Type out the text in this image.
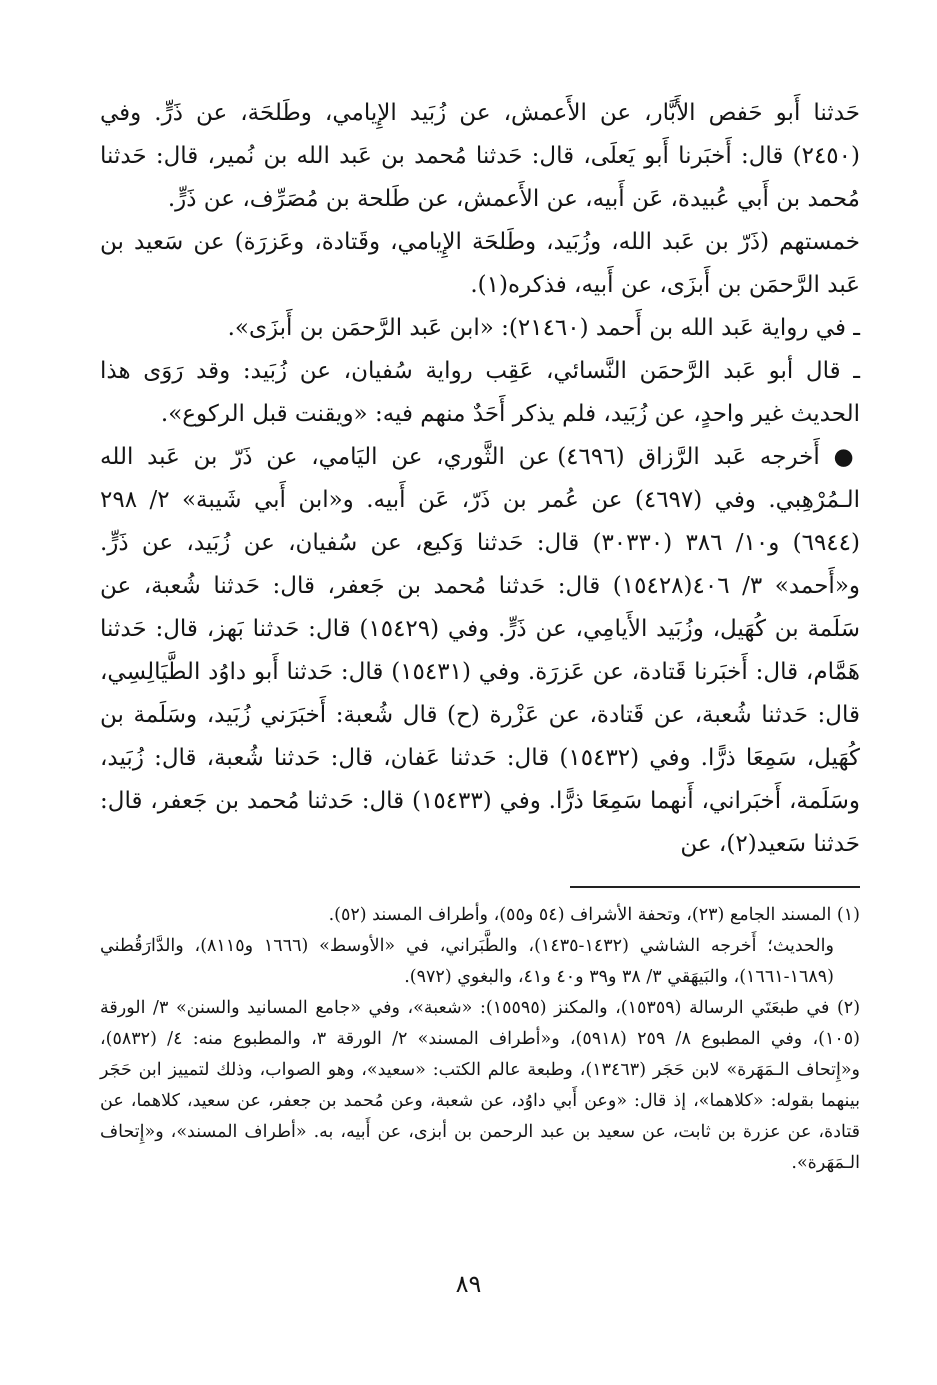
حَدثنا أَبو حَفص الأَبَّار، عن الأَعمش، عن زُبَيد الإِيامي، وطَلحَة، عن ذَرٍّ. وفي (٢٤٥٠) قال: أَخبَرنا أَبو يَعلَى، قال: حَدثنا مُحمد بن عَبد الله بن نُمير، قال: حَدثنا مُحمد بن أَبي عُبيدة، عَن أَبيه، عن الأَعمش، عن طَلحة بن مُصَرِّف، عن ذَرٍّ.

خمستهم (ذَرّ بن عَبد الله، وزُبَيد، وطَلحَة الإِيامي، وقَتادة، وعَزرَة) عن سَعيد بن عَبد الرَّحمَن بن أَبزَى، عن أَبيه، فذكره(١).

ـ في رواية عَبد الله بن أَحمد (٢١٤٦٠): «ابن عَبد الرَّحمَن بن أَبزَى».

ـ قال أبو عَبد الرَّحمَن النَّسائي، عَقِب رواية سُفيان، عن زُبَيد: وقد رَوَى هذا الحديث غير واحدٍ، عن زُبَيد، فلم يذكر أَحَدٌ منهم فيه: «ويقنت قبل الركوع».

● أَخرجه عَبد الرَّزاق (٤٦٩٦) عن الثَّوري، عن اليَامي، عن ذَرّ بن عَبد الله الـمُرْهِبي. وفي (٤٦٩٧) عن عُمر بن ذَرّ، عَن أَبيه. و«ابن أَبي شَيبة» ٢/ ٢٩٨ (٦٩٤٤) و١٠/ ٣٨٦ (٣٠٣٣٠) قال: حَدثنا وَكيع، عن سُفيان، عن زُبَيد، عن ذَرٍّ. و«أَحمد» ٣/ ٤٠٦(١٥٤٢٨) قال: حَدثنا مُحمد بن جَعفر، قال: حَدثنا شُعبة، عن سَلَمة بن كُهَيل، وزُبَيد الأَيامِي، عن ذَرٍّ. وفي (١٥٤٢٩) قال: حَدثنا بَهز، قال: حَدثنا هَمَّام، قال: أَخبَرنا قَتادة، عن عَزرَة. وفي (١٥٤٣١) قال: حَدثنا أَبو داوُد الطَّيَالِسِي، قال: حَدثنا شُعبة، عن قَتادة، عن عَزْرة (ح) قال شُعبة: أَخبَرَني زُبَيد، وسَلَمة بن كُهَيل، سَمِعَا ذرًّا. وفي (١٥٤٣٢) قال: حَدثنا عَفان، قال: حَدثنا شُعبة، قال: زُبَيد، وسَلَمة، أَخبَراني، أَنهما سَمِعَا ذرًّا. وفي (١٥٤٣٣) قال: حَدثنا مُحمد بن جَعفر، قال: حَدثنا سَعيد(٢)، عن

(١) المسند الجامع (٢٣)، وتحفة الأشراف (٥٤ و٥٥)، وأطراف المسند (٥٢).

والحديث؛ أَخرجه الشاشي (١٤٣٢-١٤٣٥)، والطَّبَراني، في «الأوسط» (١٦٦٦ و٨١١٥)، والدَّارَقُطني (١٦٨٩-١٦٦١)، والبَيهَقي ٣/ ٣٨ و٣٩ و٤٠ و٤١، والبغوي (٩٧٢).

(٢) في طبعَتَي الرسالة (١٥٣٥٩)، والمكنز (١٥٥٩٥): «شعبة»، وفي «جامع المسانيد والسنن» ٣/ الورقة (١٠٥)، وفي المطبوع ٨/ ٢٥٩ (٥٩١٨)، و«أطراف المسند» ٢/ الورقة ٣، والمطبوع منه: ٤/ (٥٨٣٢)، و«إِتحاف الـمَهَرة» لابن حَجَر (١٣٤٦٣)، وطبعة عالم الكتب: «سعيد»، وهو الصواب، وذلك لتمييز ابن حَجَر بينهما بقوله: «كلاهما»، إذ قال: «وعن أَبي داوُد، عن شعبة، وعن مُحمد بن جعفر، عن سعيد، كلاهما، عن قتادة، عن عزرة بن ثابت، عن سعيد بن عبد الرحمن بن أبزى، عن أَبيه، به. «أطراف المسند»، و«إِتحاف الـمَهَرة».

٨٩
